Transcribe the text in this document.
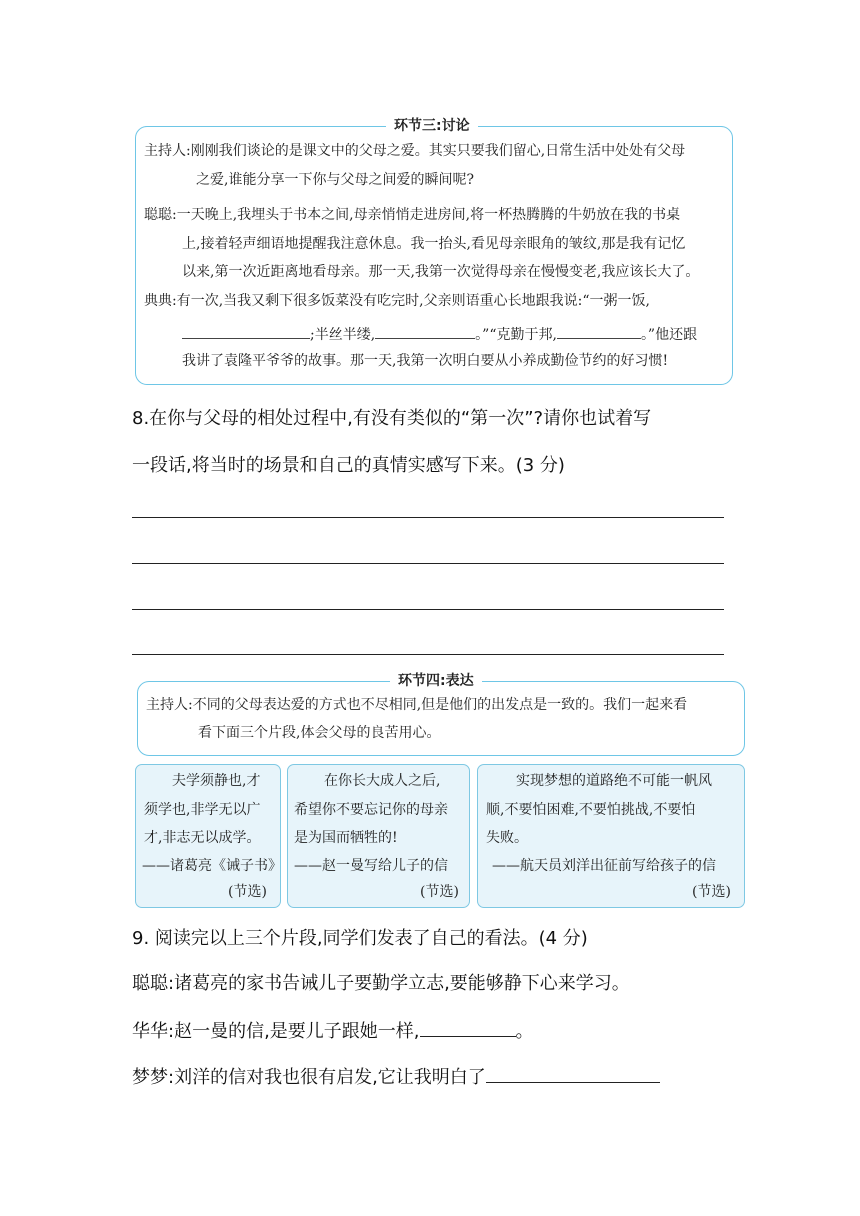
环节三:讨论
主持人:刚刚我们谈论的是课文中的父母之爱。其实只要我们留心,日常生活中处处有父母
之爱,谁能分享一下你与父母之间爱的瞬间呢?
聪聪:一天晚上,我埋头于书本之间,母亲悄悄走进房间,将一杯热腾腾的牛奶放在我的书桌
上,接着轻声细语地提醒我注意休息。我一抬头,看见母亲眼角的皱纹,那是我有记忆
以来,第一次近距离地看母亲。那一天,我第一次觉得母亲在慢慢变老,我应该长大了。
典典:有一次,当我又剩下很多饭菜没有吃完时,父亲则语重心长地跟我说:“一粥一饭,
;半丝半缕,	。”“克勤于邦,	。”他还跟
我讲了袁隆平爷爷的故事。那一天,我第一次明白要从小养成勤俭节约的好习惯!
8.在你与父母的相处过程中,有没有类似的“第一次”?请你也试着写
一段话,将当时的场景和自己的真情实感写下来。(3 分)
环节四:表达
主持人:不同的父母表达爱的方式也不尽相同,但是他们的出发点是一致的。我们一起来看
看下面三个片段,体会父母的良苦用心。
夫学须静也,才
须学也,非学无以广
才,非志无以成学。
——诸葛亮《诫子书》
(节选)
在你长大成人之后,
希望你不要忘记你的母亲
是为国而牺牲的!
——赵一曼写给儿子的信
(节选)
实现梦想的道路绝不可能一帆风
顺,不要怕困难,不要怕挑战,不要怕
失败。
——航天员刘洋出征前写给孩子的信
(节选)
9. 阅读完以上三个片段,同学们发表了自己的看法。(4 分)
聪聪:诸葛亮的家书告诫儿子要勤学立志,要能够静下心来学习。
华华:赵一曼的信,是要儿子跟她一样,	。
梦梦:刘洋的信对我也很有启发,它让我明白了
